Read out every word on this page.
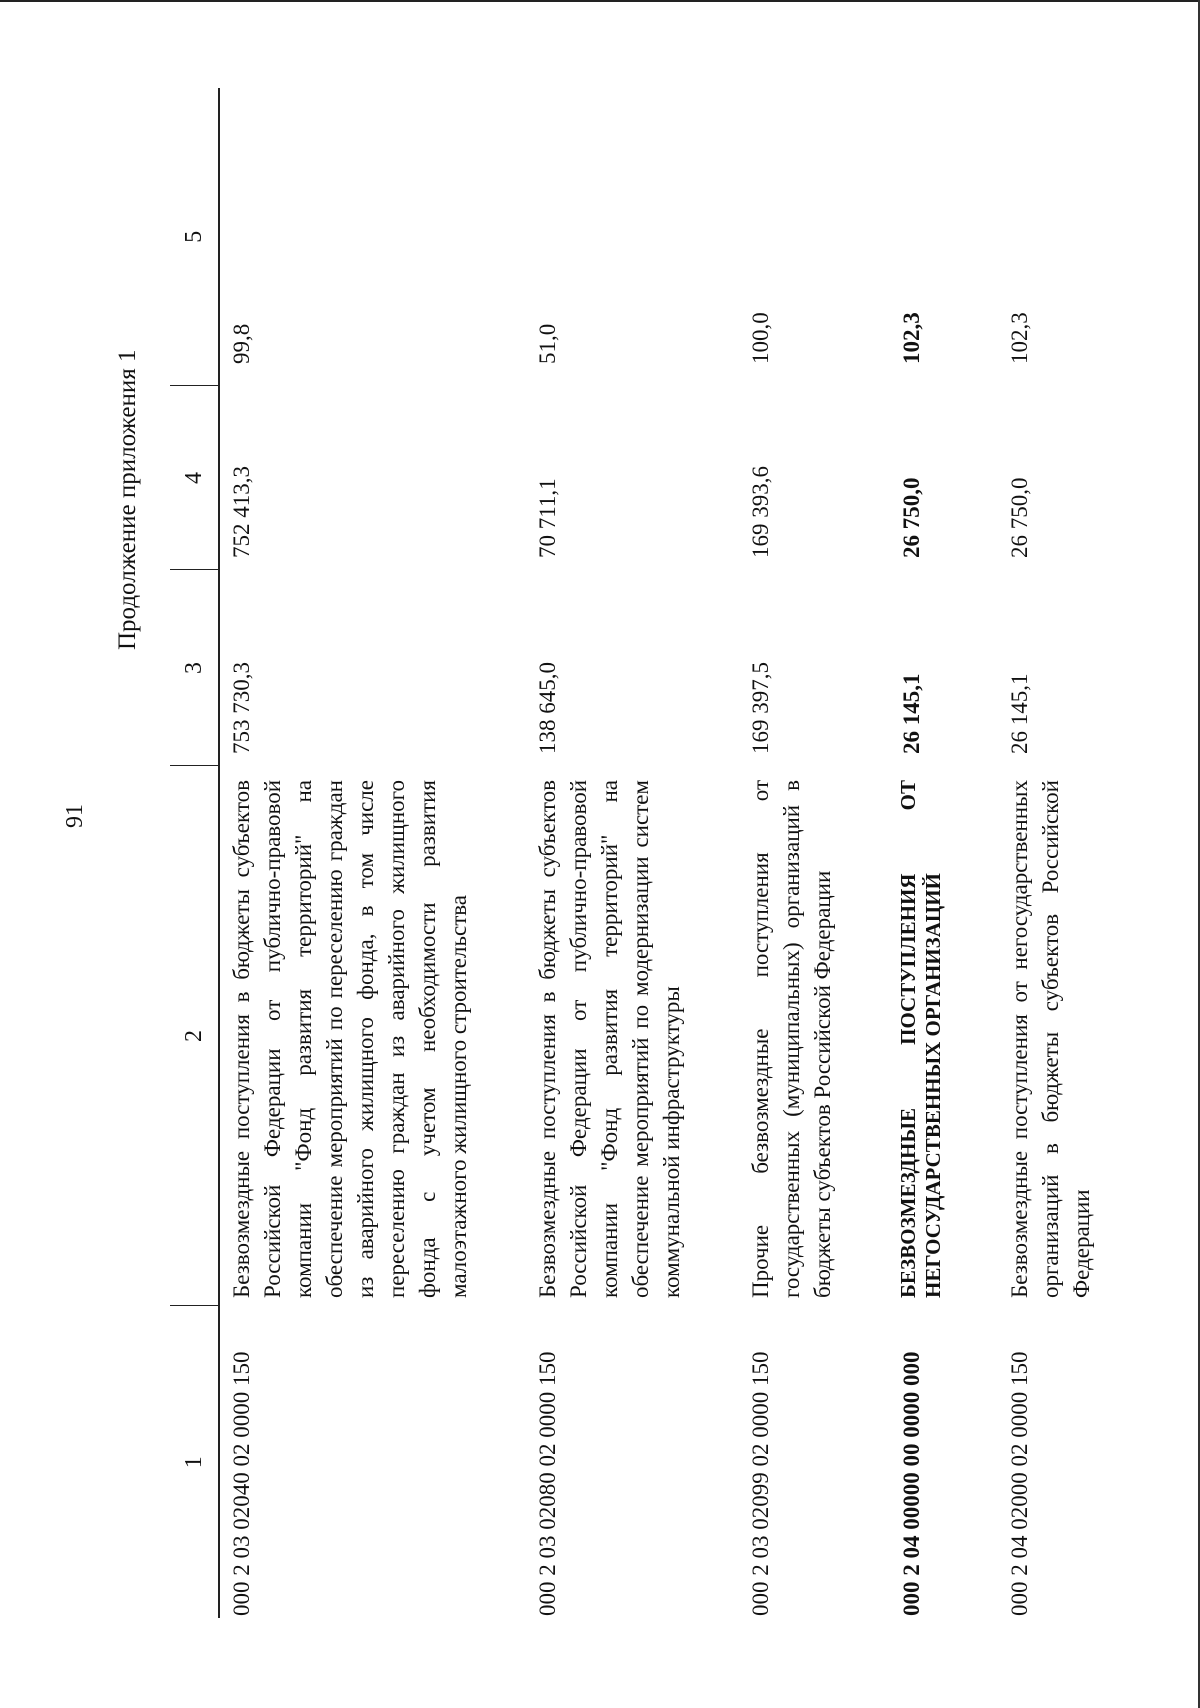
91
Продолжение приложения 1
1	2	3	4	5
000 2 03 02040 02 0000 150	Безвозмездные поступления в бюджеты субъектов Российской Федерации от публично-правовой компании "Фонд развития территорий" на обеспечение мероприятий по переселению граждан из аварийного жилищного фонда, в том числе переселению граждан из аварийного жилищного фонда с учетом необходимости развития малоэтажного жилищного строительства	753 730,3	752 413,3	99,8
000 2 03 02080 02 0000 150	Безвозмездные поступления в бюджеты субъектов Российской Федерации от публично-правовой компании "Фонд развития территорий" на обеспечение мероприятий по модернизации систем коммунальной инфраструктуры	138 645,0	70 711,1	51,0
000 2 03 02099 02 0000 150	Прочие безвозмездные поступления от государственных (муниципальных) организаций в бюджеты субъектов Российской Федерации	169 397,5	169 393,6	100,0
000 2 04 00000 00 0000 000	БЕЗВОЗМЕЗДНЫЕ ПОСТУПЛЕНИЯ ОТ НЕГОСУДАРСТВЕННЫХ ОРГАНИЗАЦИЙ	26 145,1	26 750,0	102,3
000 2 04 02000 02 0000 150	Безвозмездные поступления от негосударственных организаций в бюджеты субъектов Российской Федерации	26 145,1	26 750,0	102,3
